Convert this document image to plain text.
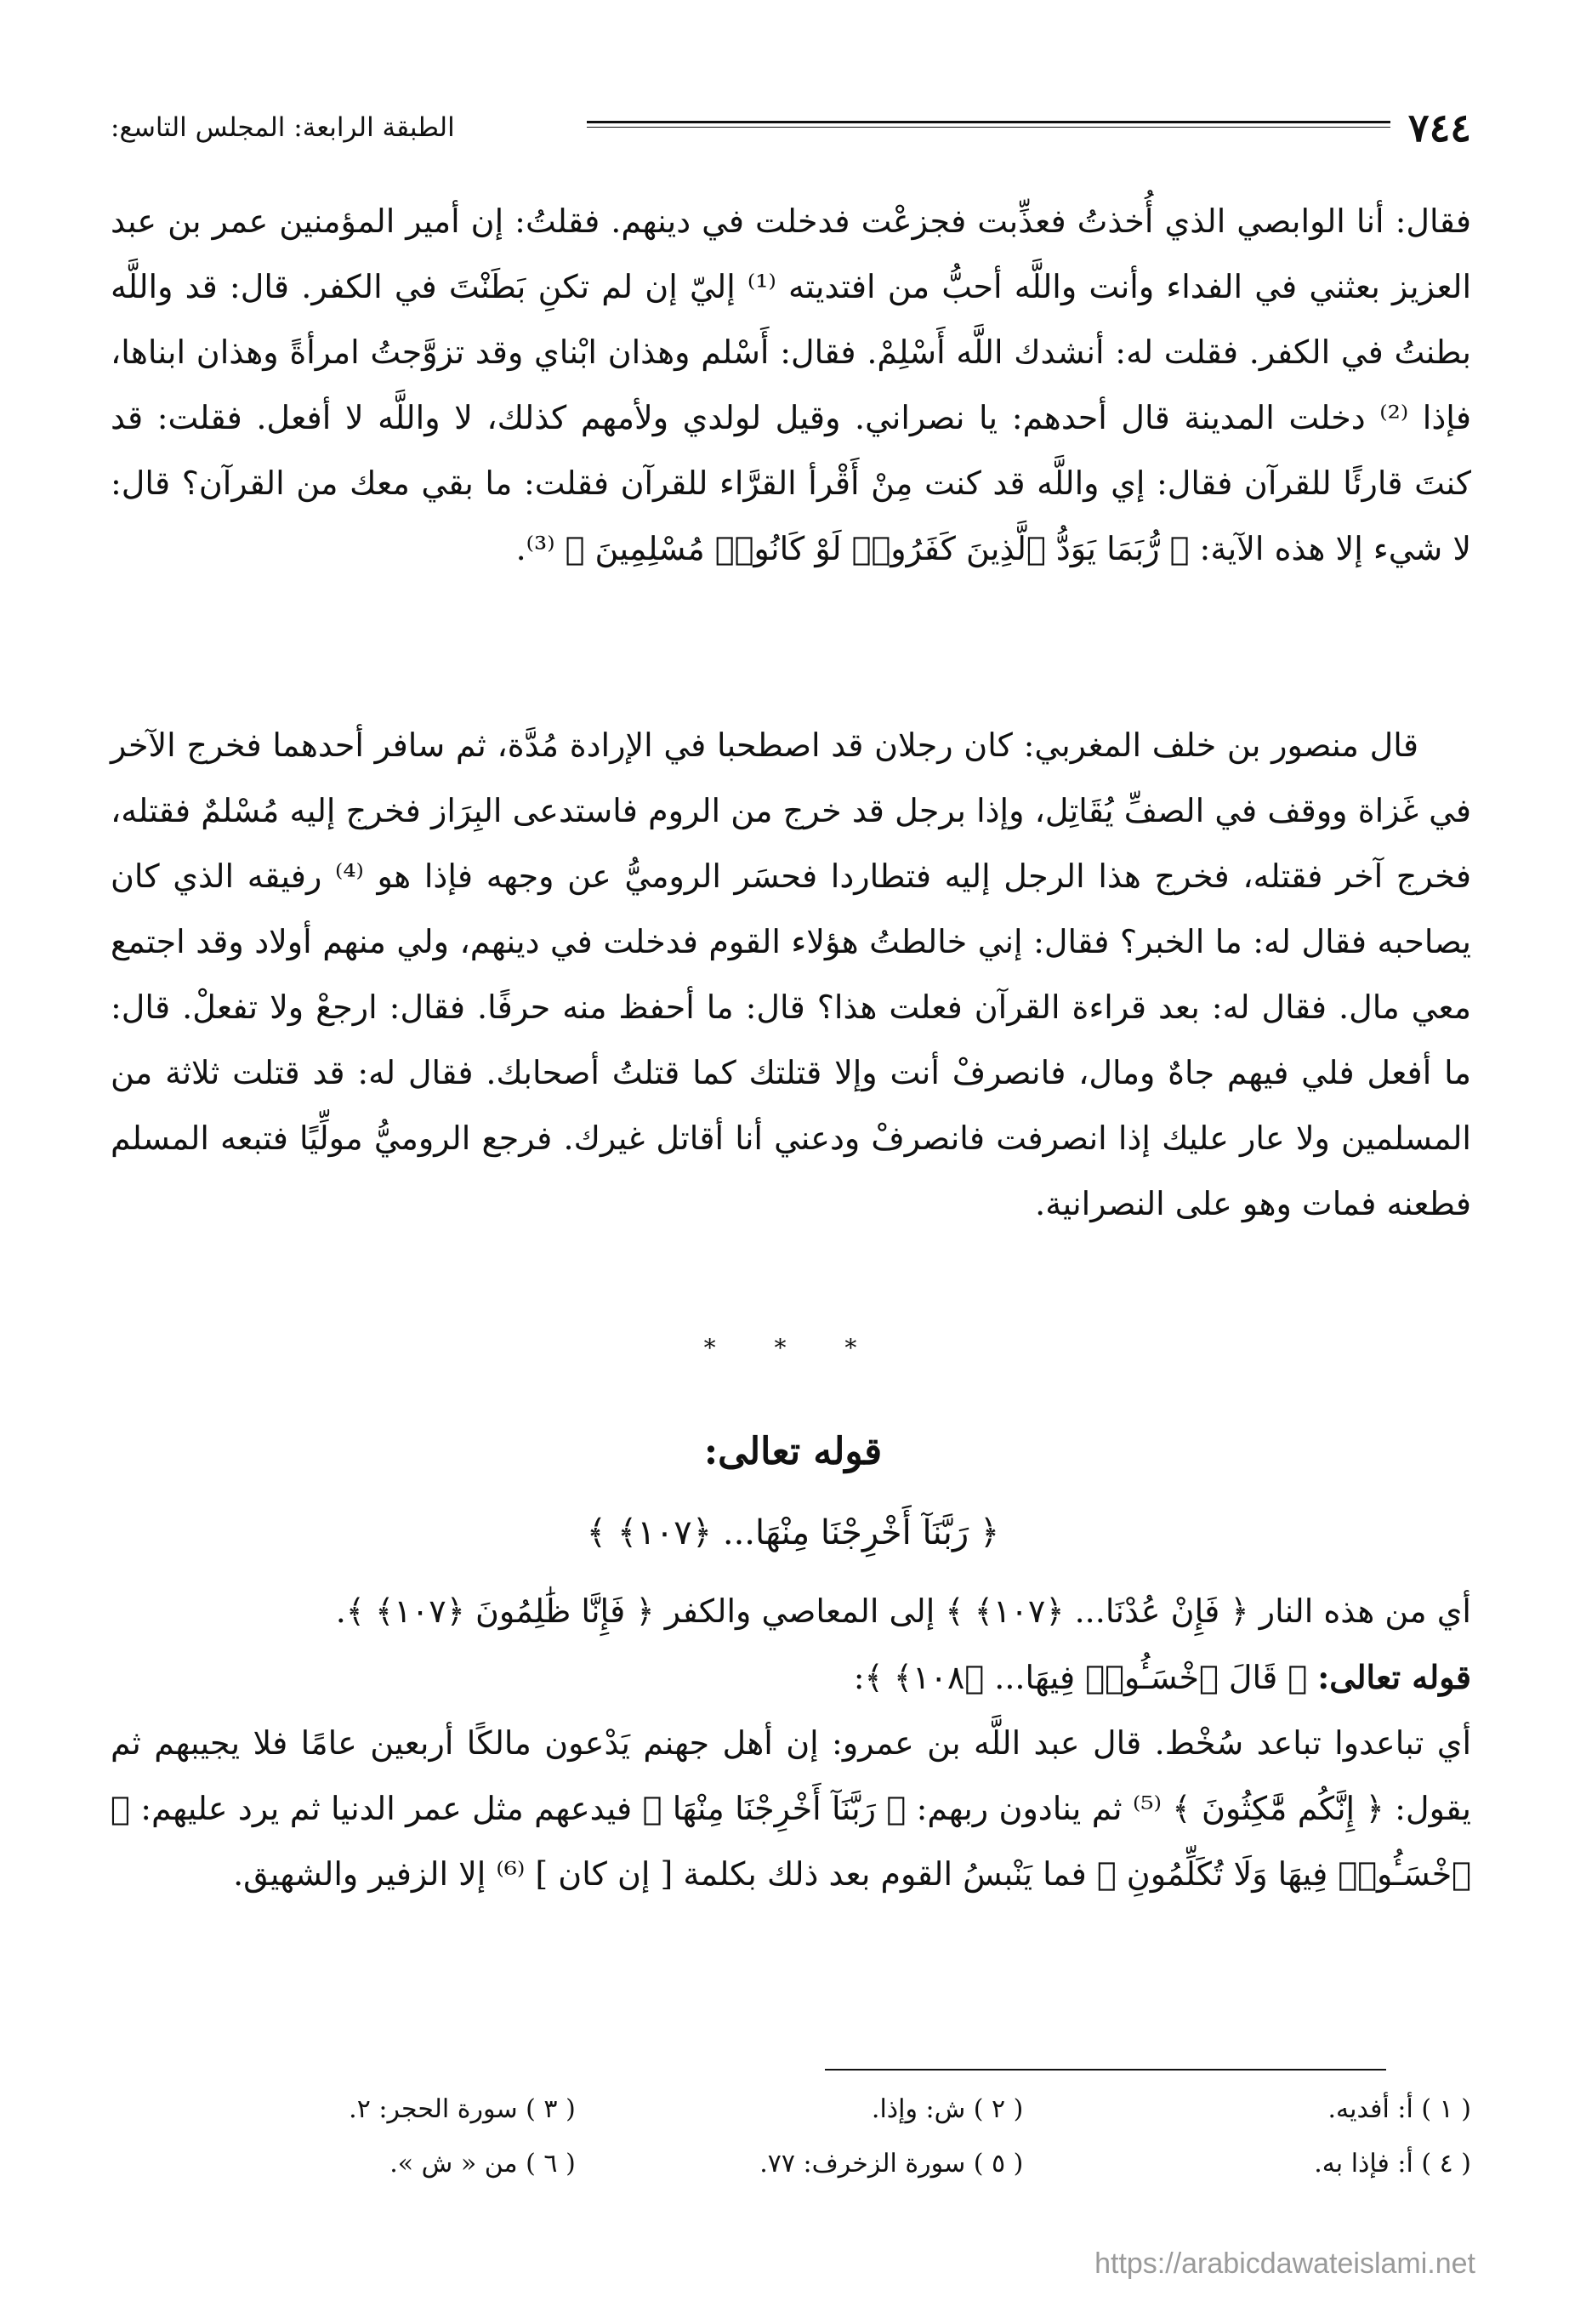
٧٤٤
الطبقة الرابعة: المجلس التاسع:

فقال: أنا الوابصي الذي أُخذتُ فعذِّبت فجزعْت فدخلت في دينهم. فقلتُ: إن أمير المؤمنين عمر بن عبد العزيز بعثني في الفداء وأنت واللَّه أحبُّ من افتديته ⁽¹⁾ إليّ إن لم تكنِ بَطَنْتَ في الكفر. قال: قد واللَّه بطنتُ في الكفر. فقلت له: أنشدك اللَّه أَسْلِمْ. فقال: أَسْلم وهذان ابْناي وقد تزوَّجتُ امرأةً وهذان ابناها، فإذا ⁽²⁾ دخلت المدينة قال أحدهم: يا نصراني. وقيل لولدي ولأمهم كذلك، لا واللَّه لا أفعل. فقلت: قد كنتَ قارئًا للقرآن فقال: إي واللَّه قد كنت مِنْ أَقْرأ القرَّاء للقرآن فقلت: ما بقي معك من القرآن؟ قال: لا شيء إلا هذه الآية: ﴿ رُّبَمَا يَوَدُّ ٱلَّذِينَ كَفَرُوا۟ لَوْ كَانُوا۟ مُسْلِمِينَ ﴾ ⁽³⁾.

قال منصور بن خلف المغربي: كان رجلان قد اصطحبا في الإرادة مُدَّة، ثم سافر أحدهما فخرج الآخر في غَزاة ووقف في الصفِّ يُقَاتِل، وإذا برجل قد خرج من الروم فاستدعى البِرَاز فخرج إليه مُسْلمٌ فقتله، فخرج آخر فقتله، فخرج هذا الرجل إليه فتطاردا فحسَر الروميُّ عن وجهه فإذا هو ⁽⁴⁾ رفيقه الذي كان يصاحبه فقال له: ما الخبر؟ فقال: إني خالطتُ هؤلاء القوم فدخلت في دينهم، ولي منهم أولاد وقد اجتمع معي مال. فقال له: بعد قراءة القرآن فعلت هذا؟ قال: ما أحفظ منه حرفًا. فقال: ارجعْ ولا تفعلْ. قال: ما أفعل فلي فيهم جاهٌ ومال، فانصرفْ أنت وإلا قتلتك كما قتلتُ أصحابك. فقال له: قد قتلت ثلاثة من المسلمين ولا عار عليك إذا انصرفت فانصرفْ ودعني أنا أقاتل غيرك. فرجع الروميُّ مولِّيًا فتبعه المسلم فطعنه فمات وهو على النصرانية.

* * *
قوله تعالى:
﴿ رَبَّنَآ أَخْرِجْنَا مِنْهَا... ﴿١٠٧﴾ ﴾

أي من هذه النار ﴿ فَإِنْ عُدْنَا... ﴿١٠٧﴾ ﴾ إلى المعاصي والكفر ﴿ فَإِنَّا ظَٰلِمُونَ ﴿١٠٧﴾ ﴾.

قوله تعالى: ﴿ قَالَ ٱخْسَـُٔوا۟ فِيهَا... ﴿١٠٨﴾ ﴾:

أي تباعدوا تباعد سُخْط. قال عبد اللَّه بن عمرو: إن أهل جهنم يَدْعون مالكًا أربعين عامًا فلا يجيبهم ثم يقول: ﴿ إِنَّكُم مَّٰكِثُونَ ﴾ ⁽⁵⁾ ثم ينادون ربهم: ﴿ رَبَّنَآ أَخْرِجْنَا مِنْهَا ﴾ فيدعهم مثل عمر الدنيا ثم يرد عليهم: ﴿ ٱخْسَـُٔوا۟ فِيهَا وَلَا تُكَلِّمُونِ ﴾ فما يَنْبسُ القوم بعد ذلك بكلمة [ إن كان ] ⁽⁶⁾ إلا الزفير والشهيق.

( ١ ) أ: أفديه.
( ٢ ) ش: وإذا.
( ٣ ) سورة الحجر: ٢.
( ٤ ) أ: فإذا به.
( ٥ ) سورة الزخرف: ٧٧.
( ٦ ) من « ش ».
https://arabicdawateislami.net
